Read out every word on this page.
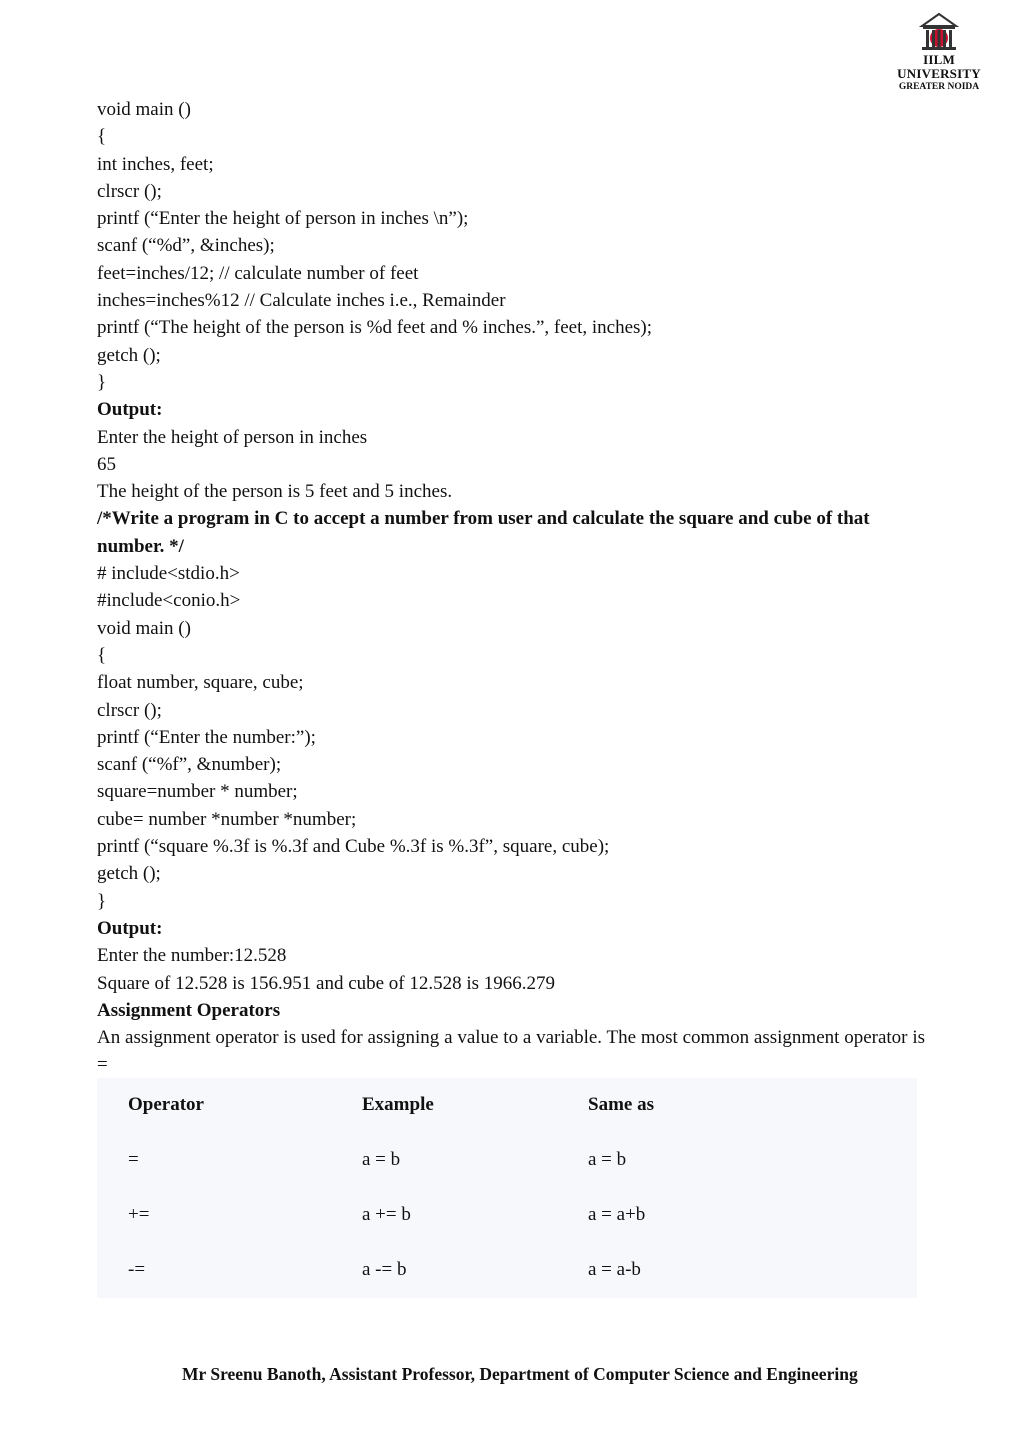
IILM UNIVERSITY
GREATER NOIDA
void main ()
{
int inches, feet;
clrscr ();
printf (“Enter the height of person in inches \n”);
scanf (“%d”, &inches);
feet=inches/12; // calculate number of feet
inches=inches%12 // Calculate inches i.e., Remainder
printf (“The height of the person is %d feet and % inches.”, feet, inches);
getch ();
}
Output:
Enter the height of person in inches
65
The height of the person is 5 feet and 5 inches.
/*Write a program in C to accept a number from user and calculate the square and cube of that number. */
# include<stdio.h>
#include<conio.h>
void main ()
{
float number, square, cube;
clrscr ();
printf (“Enter the number:”);
scanf (“%f”, &number);
square=number * number;
cube= number *number *number;
printf (“square %.3f is %.3f and Cube %.3f is %.3f”, square, cube);
getch ();
}
Output:
Enter the number:12.528
Square of 12.528 is 156.951 and cube of 12.528 is 1966.279
Assignment Operators
An assignment operator is used for assigning a value to a variable. The most common assignment operator is =
Operator	Example	Same as
=	a = b	a = b
+=	a += b	a = a+b
-=	a -= b	a = a-b
Mr Sreenu Banoth, Assistant Professor, Department of Computer Science and Engineering
